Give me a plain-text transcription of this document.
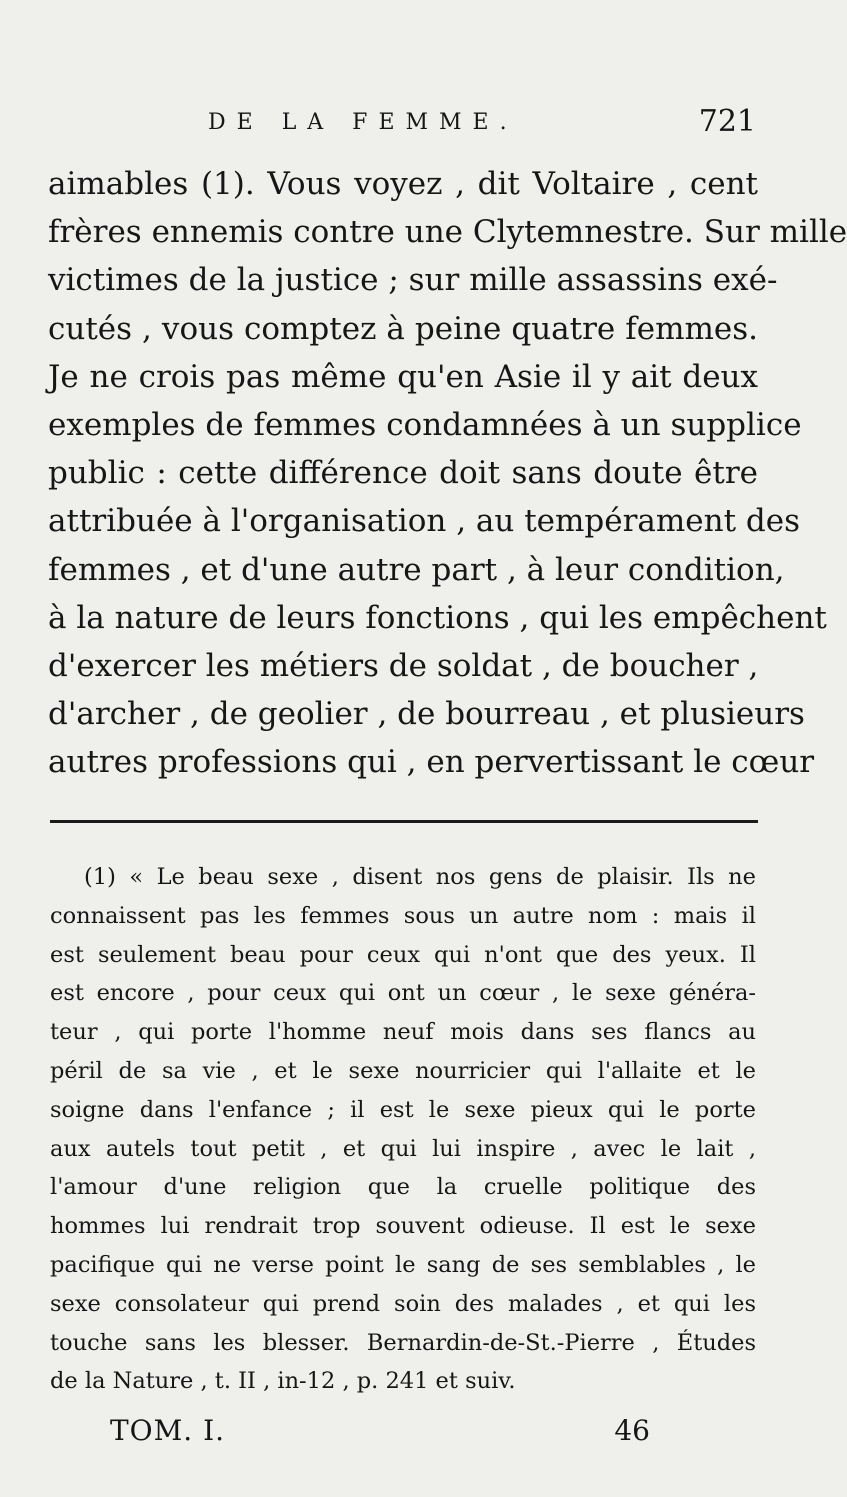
DE LA FEMME.	721
aimables (1). Vous voyez , dit Voltaire , cent
frères ennemis contre une Clytemnestre. Sur mille
victimes de la justice ; sur mille assassins exé-
cutés , vous comptez à peine quatre femmes.
Je ne crois pas même qu'en Asie il y ait deux
exemples de femmes condamnées à un supplice
public : cette différence doit sans doute être
attribuée à l'organisation , au tempérament des
femmes , et d'une autre part , à leur condition,
à la nature de leurs fonctions , qui les empêchent
d'exercer les métiers de soldat , de boucher ,
d'archer , de geolier , de bourreau , et plusieurs
autres professions qui , en pervertissant le cœur
(1) « Le beau sexe , disent nos gens de plaisir. Ils ne
connaissent pas les femmes sous un autre nom : mais il
est seulement beau pour ceux qui n'ont que des yeux. Il
est encore , pour ceux qui ont un cœur , le sexe généra-
teur , qui porte l'homme neuf mois dans ses flancs au
péril de sa vie , et le sexe nourricier qui l'allaite et le
soigne dans l'enfance ; il est le sexe pieux qui le porte
aux autels tout petit , et qui lui inspire , avec le lait ,
l'amour d'une religion que la cruelle politique des
hommes lui rendrait trop souvent odieuse. Il est le sexe
pacifique qui ne verse point le sang de ses semblables , le
sexe consolateur qui prend soin des malades , et qui les
touche sans les blesser. Bernardin-de-St.-Pierre , Études
de la Nature , t. II , in-12 , p. 241 et suiv.
TOM. I.	46
